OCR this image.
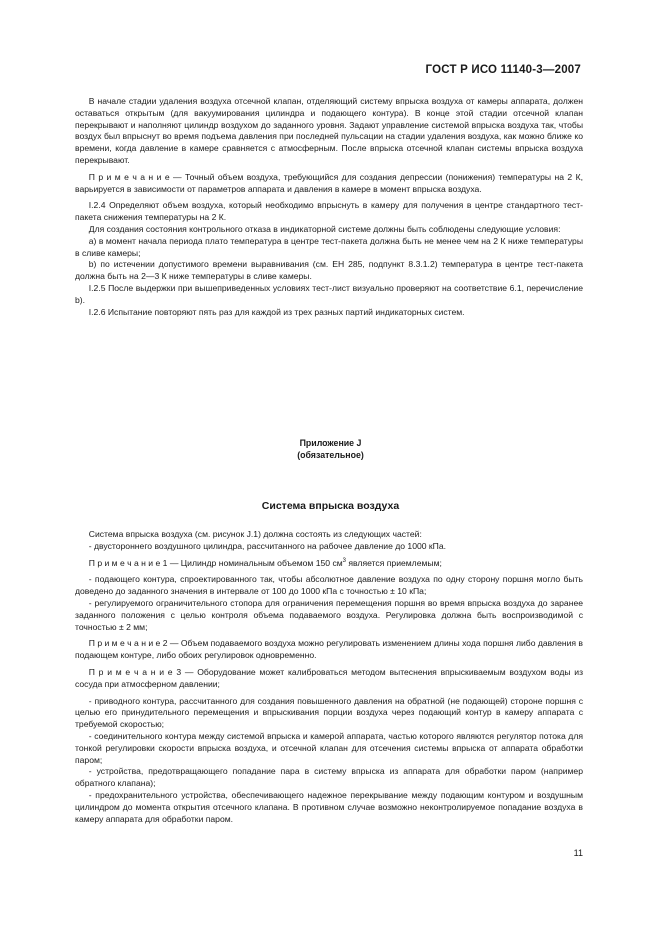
ГОСТ Р ИСО 11140-3—2007

В начале стадии удаления воздуха отсечной клапан, отделяющий систему впрыска воздуха от камеры аппарата, должен оставаться открытым (для вакуумирования цилиндра и подающего контура). В конце этой стадии отсечной клапан перекрывают и наполняют цилиндр воздухом до заданного уровня. Задают управление системой впрыска воздуха так, чтобы воздух был впрыснут во время подъема давления при последней пульсации на стадии удаления воздуха, как можно ближе ко времени, когда давление в камере сравняется с атмосферным. После впрыска отсечной клапан системы впрыска воздуха перекрывают.

П р и м е ч а н и е — Точный объем воздуха, требующийся для создания депрессии (понижения) температуры на 2 К, варьируется в зависимости от параметров аппарата и давления в камере в момент впрыска воздуха.

I.2.4 Определяют объем воздуха, который необходимо впрыснуть в камеру для получения в центре стандартного тест-пакета снижения температуры на 2 К.

Для создания состояния контрольного отказа в индикаторной системе должны быть соблюдены следующие условия:

а) в момент начала периода плато температура в центре тест-пакета должна быть не менее чем на 2 К ниже температуры в сливе камеры;

b) по истечении допустимого времени выравнивания (см. ЕН 285, подпункт 8.3.1.2) температура в центре тест-пакета должна быть на 2—3 К ниже температуры в сливе камеры.

I.2.5 После выдержки при вышеприведенных условиях тест-лист визуально проверяют на соответствие 6.1, перечисление b).

I.2.6 Испытание повторяют пять раз для каждой из трех разных партий индикаторных систем.

Приложение J
(обязательное)
Система впрыска воздуха

Система впрыска воздуха (см. рисунок J.1) должна состоять из следующих частей:

- двустороннего воздушного цилиндра, рассчитанного на рабочее давление до 1000 кПа.

П р и м е ч а н и е 1 — Цилиндр номинальным объемом 150 $см^3$ является приемлемым;

- подающего контура, спроектированного так, чтобы абсолютное давление воздуха по одну сторону поршня могло быть доведено до заданного значения в интервале от 100 до 1000 кПа с точностью ± 10 кПа;

- регулируемого ограничительного стопора для ограничения перемещения поршня во время впрыска воздуха до заранее заданного положения с целью контроля объема подаваемого воздуха. Регулировка должна быть воспроизводимой с точностью ± 2 мм;

П р и м е ч а н и е 2 — Объем подаваемого воздуха можно регулировать изменением длины хода поршня либо давления в подающем контуре, либо обоих регулировок одновременно.

П р и м е ч а н и е 3 — Оборудование может калиброваться методом вытеснения впрыскиваемым воздухом воды из сосуда при атмосферном давлении;

- приводного контура, рассчитанного для создания повышенного давления на обратной (не подающей) стороне поршня с целью его принудительного перемещения и впрыскивания порции воздуха через подающий контур в камеру аппарата с требуемой скоростью;

- соединительного контура между системой впрыска и камерой аппарата, частью которого являются регулятор потока для тонкой регулировки скорости впрыска воздуха, и отсечной клапан для отсечения системы впрыска от аппарата обработки паром;

- устройства, предотвращающего попадание пара в систему впрыска из аппарата для обработки паром (например обратного клапана);

- предохранительного устройства, обеспечивающего надежное перекрывание между подающим контуром и воздушным цилиндром до момента открытия отсечного клапана. В противном случае возможно неконтролируемое попадание воздуха в камеру аппарата для обработки паром.

11
